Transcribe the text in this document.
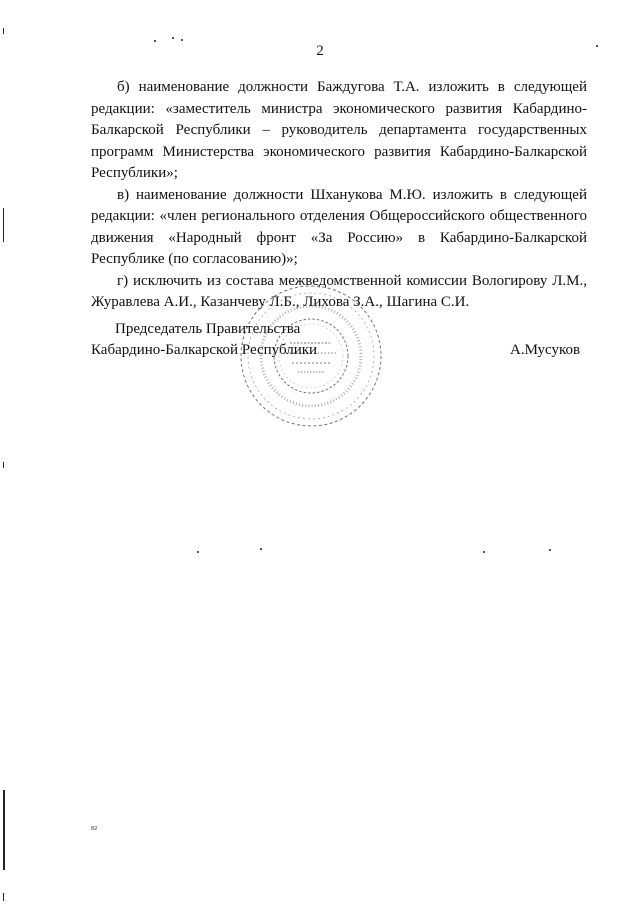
2

б) наименование должности Баждугова Т.А. изложить в следующей редакции: «заместитель министра экономического развития Кабардино-Балкарской Республики – руководитель департамента государственных программ Министерства экономического развития Кабардино-Балкарской Республики»;

в) наименование должности Шханукова М.Ю. изложить в следующей редакции: «член регионального отделения Общероссийского общественного движения «Народный фронт «За Россию» в Кабардино-Балкарской Республике (по согласованию)»;

г) исключить из состава межведомственной комиссии Вологирову Л.М., Журавлева А.И., Казанчеву Л.Б., Лихова З.А., Шагина С.И.

Председатель Правительства
Кабардино-Балкарской Республики	А.Мусуков
82
